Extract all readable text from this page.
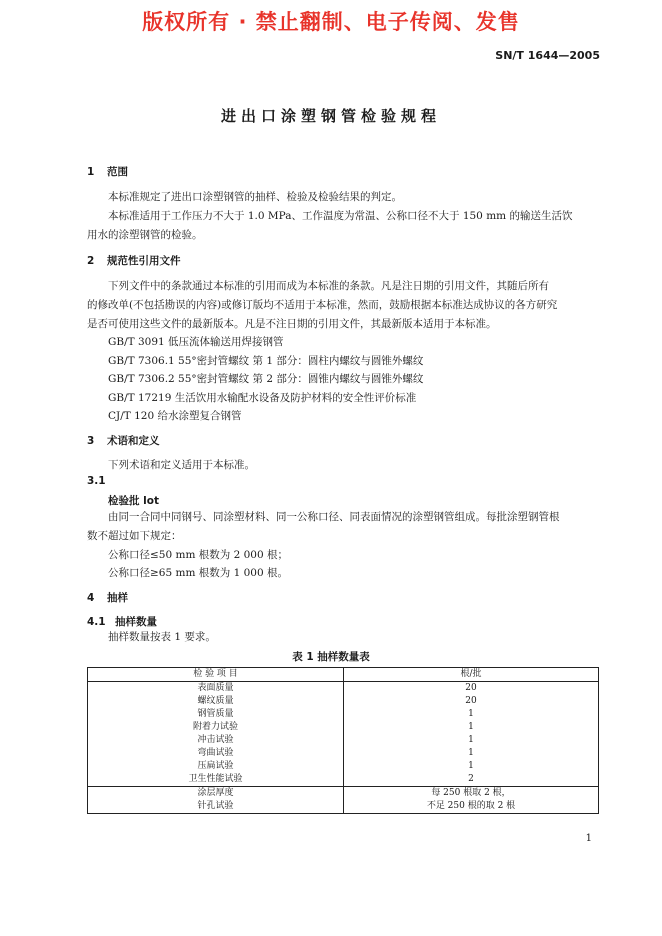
版权所有 · 禁止翻制、电子传阅、发售
SN/T 1644—2005
进出口涂塑钢管检验规程
1 范围
本标准规定了进出口涂塑钢管的抽样、检验及检验结果的判定。
本标准适用于工作压力不大于 1.0 MPa、工作温度为常温、公称口径不大于 150 mm 的输送生活饮
用水的涂塑钢管的检验。
2 规范性引用文件
下列文件中的条款通过本标准的引用而成为本标准的条款。凡是注日期的引用文件，其随后所有
的修改单(不包括勘误的内容)或修订版均不适用于本标准，然而，鼓励根据本标准达成协议的各方研究
是否可使用这些文件的最新版本。凡是不注日期的引用文件，其最新版本适用于本标准。
GB/T 3091 低压流体输送用焊接钢管
GB/T 7306.1 55°密封管螺纹 第 1 部分：圆柱内螺纹与圆锥外螺纹
GB/T 7306.2 55°密封管螺纹 第 2 部分：圆锥内螺纹与圆锥外螺纹
GB/T 17219 生活饮用水输配水设备及防护材料的安全性评价标准
CJ/T 120 给水涂塑复合钢管
3 术语和定义
下列术语和定义适用于本标准。
3.1
检验批 lot
由同一合同中同钢号、同涂塑材料、同一公称口径、同表面情况的涂塑钢管组成。每批涂塑钢管根
数不超过如下规定：
公称口径≤50 mm 根数为 2 000 根；
公称口径≥65 mm 根数为 1 000 根。
4 抽样
4.1 抽样数量
抽样数量按表 1 要求。
表 1 抽样数量表
检 验 项 目	根/批
表面质量	20
螺纹质量	20
钢管质量	1
附着力试验	1
冲击试验	1
弯曲试验	1
压扁试验	1
卫生性能试验	2
涂层厚度	每 250 根取 2 根，
针孔试验	不足 250 根的取 2 根
1
